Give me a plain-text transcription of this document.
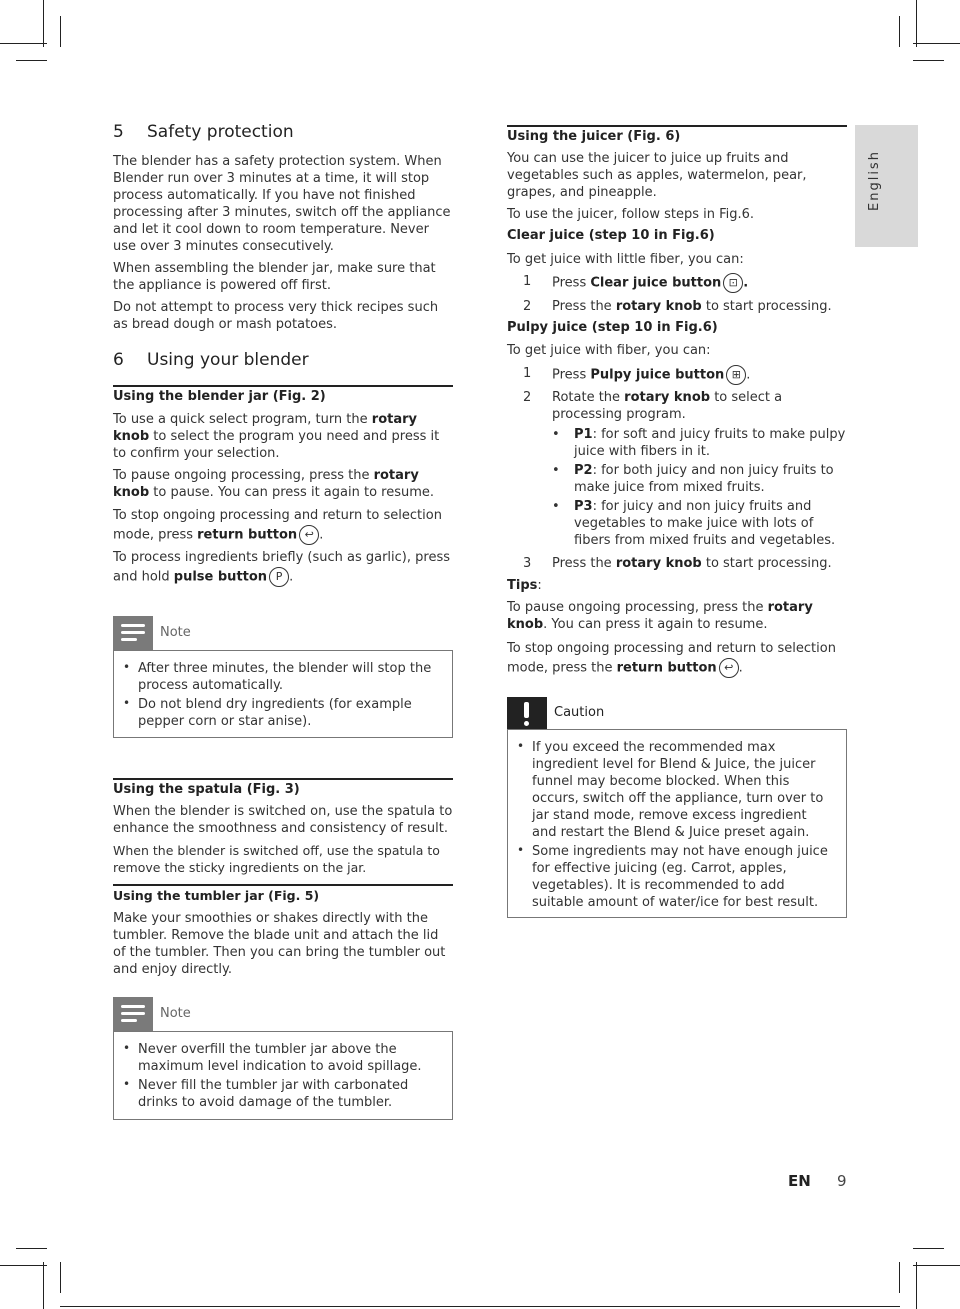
English
5 Safety protection

The blender has a safety protection system. When Blender run over 3 minutes at a time, it will stop process automatically. If you have not finished processing after 3 minutes, switch off the appliance and let it cool down to room temperature. Never use over 3 minutes consecutively.

When assembling the blender jar, make sure that the appliance is powered off first.

Do not attempt to process very thick recipes such as bread dough or mash potatoes.

6 Using your blender
Using the blender jar (Fig. 2)

To use a quick select program, turn the rotary knob to select the program you need and press it to confirm your selection.

To pause ongoing processing, press the rotary knob to pause. You can press it again to resume.

To stop ongoing processing and return to selection mode, press return button ↩ .

To process ingredients briefly (such as garlic), press and hold pulse button P .

Note
• After three minutes, the blender will stop the process automatically.
• Do not blend dry ingredients (for example pepper corn or star anise).
Using the spatula (Fig. 3)

When the blender is switched on, use the spatula to enhance the smoothness and consistency of result.

When the blender is switched off, use the spatula to remove the sticky ingredients on the jar.

Using the tumbler jar (Fig. 5)

Make your smoothies or shakes directly with the tumbler. Remove the blade unit and attach the lid of the tumbler. Then you can bring the tumbler out and enjoy directly.

Note
• Never overfill the tumbler jar above the maximum level indication to avoid spillage.
• Never fill the tumbler jar with carbonated drinks to avoid damage of the tumbler.
Using the juicer (Fig. 6)

You can use the juicer to juice up fruits and vegetables such as apples, watermelon, pear, grapes, and pineapple.

To use the juicer, follow steps in Fig.6.

Clear juice (step 10 in Fig.6)

To get juice with little fiber, you can:

1 Press Clear juice button ⊡ .
2 Press the rotary knob to start processing.
Pulpy juice (step 10 in Fig.6)

To get juice with fiber, you can:

1 Press Pulpy juice button ⊞ .
2 Rotate the rotary knob to select a processing program.
• P1: for soft and juicy fruits to make pulpy juice with fibers in it.
• P2: for both juicy and non juicy fruits to make juice from mixed fruits.
• P3: for juicy and non juicy fruits and vegetables to make juice with lots of fibers from mixed fruits and vegetables.
3 Press the rotary knob to start processing.

Tips:

To pause ongoing processing, press the rotary knob. You can press it again to resume.

To stop ongoing processing and return to selection mode, press the return button ↩ .

Caution
• If you exceed the recommended max ingredient level for Blend & Juice, the juicer funnel may become blocked. When this occurs, switch off the appliance, turn over to jar stand mode, remove excess ingredient and restart the Blend & Juice preset again.
• Some ingredients may not have enough juice for effective juicing (eg. Carrot, apples, vegetables). It is recommended to add suitable amount of water/ice for best result.
EN 9
